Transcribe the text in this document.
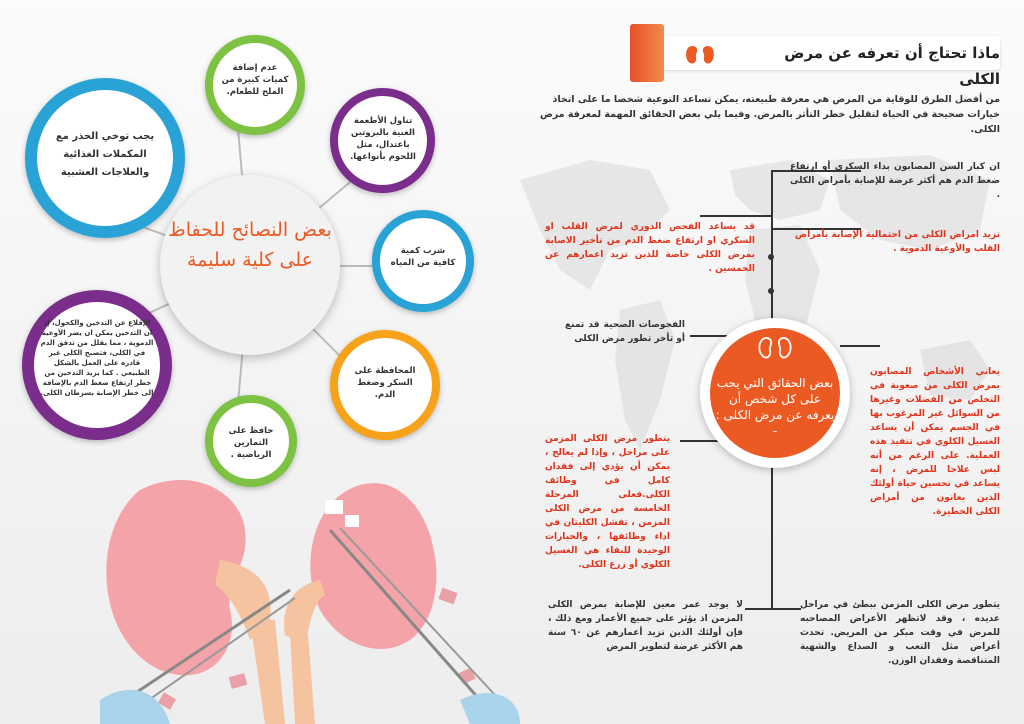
ماذا تحتاج أن تعرفه عن مرض الكلى
من أفضل الطرق للوقاية من المرض هي معرفة طبيعته، يمكن تساعد التوعية شخصا ما على اتخاذ خيارات صحيحة في الحياة لتقليل خطر التأثر بالمرض. وفيما يلي بعض الحقائق المهمة لمعرفة مرض الكلى.
ان كبار السن المصابون بداء السكري أو ارتفاع ضغط الدم هم أكثر عرضة للإصابة بأمراض الكلى .
قد يساعد الفحص الدوري لمرض القلب او السكري او ارتفاع ضغط الدم من تأخير الاصابة بمرض الكلى خاصة للذين تزيد اعمارهم عن الخمسين .
تزيد امراض الكلى من احتمالية الإصابة بأمراض القلب والأوعية الدموية .
الفحوصات الصحية قد تمنع أو تأخر تطور مرض الكلى
يعاني الأشخاص المصابون بمرض الكلى من صعوبة في التخلص من الفضلات وغيرها من السوائل غير المرغوب بها في الجسم يمكن أن يساعد الغسيل الكلوي في تنفيذ هذه العملية. على الرغم من أنه ليس علاجا للمرض ، إنه يساعد في تحسين حياة أولئك الذين يعانون من أمراض الكلى الخطيرة.
يتطور مرض الكلى المزمن على مراحل ، وإذا لم يعالج ، يمكن أن يؤدي إلى فقدان كامل في وظائف الكلى.فعلى المرحلة الخامسة من مرض الكلى المزمن ، تفشل الكليتان في اداء وظائفها ، والخيارات الوحيدة للبقاء هي الغسيل الكلوي أو زرع الكلى.
لا يوجد عمر معين للإصابة بمرض الكلى المزمن اذ يؤثر على جميع الأعمار ومع ذلك ، فإن أولئك الذين تزيد أعمارهم عن ٦٠ سنة هم الأكثر عرضة لتطوير المرض
يتطور مرض الكلى المزمن ببطئ في مراحل عديده ، وقد لاتظهر الأعراض المصاحبه للمرض في وقت مبكر من المريض. تحدث أعراض مثل التعب و الصداع والشهية المتناقصة وفقدان الوزن.
بعض الحقائق التي يجب على كل شخص أن يعرفه عن مرض الكلى : -
يجب توخي الحذر مع المكملات الغذائية والعلاجات العشبية
عدم إضافة كميات كبيرة من الملح للطعام.
تناول الأطعمة الغنية بالبروتين باعتدال، مثل اللحوم بأنواعها.
شرب كمية كافية من المياه
بعض النصائح للحفاظ على كلية سليمة
الإقلاع عن التدخين والكحول، إذ ان التدخين يمكن ان يضر الأوعية الدموية ، مما يقلل من تدفق الدم في الكلى، فتصبح الكلى غير قادره على العمل بالشكل الطبيعي . كما يزيد التدخين من خطر ارتفاع ضغط الدم بالإضافة إلى خطر الإصابة بسرطان الكلى.
المحافظة على السكر وضغط الدم.
حافظ على التمارين الرياضية .
